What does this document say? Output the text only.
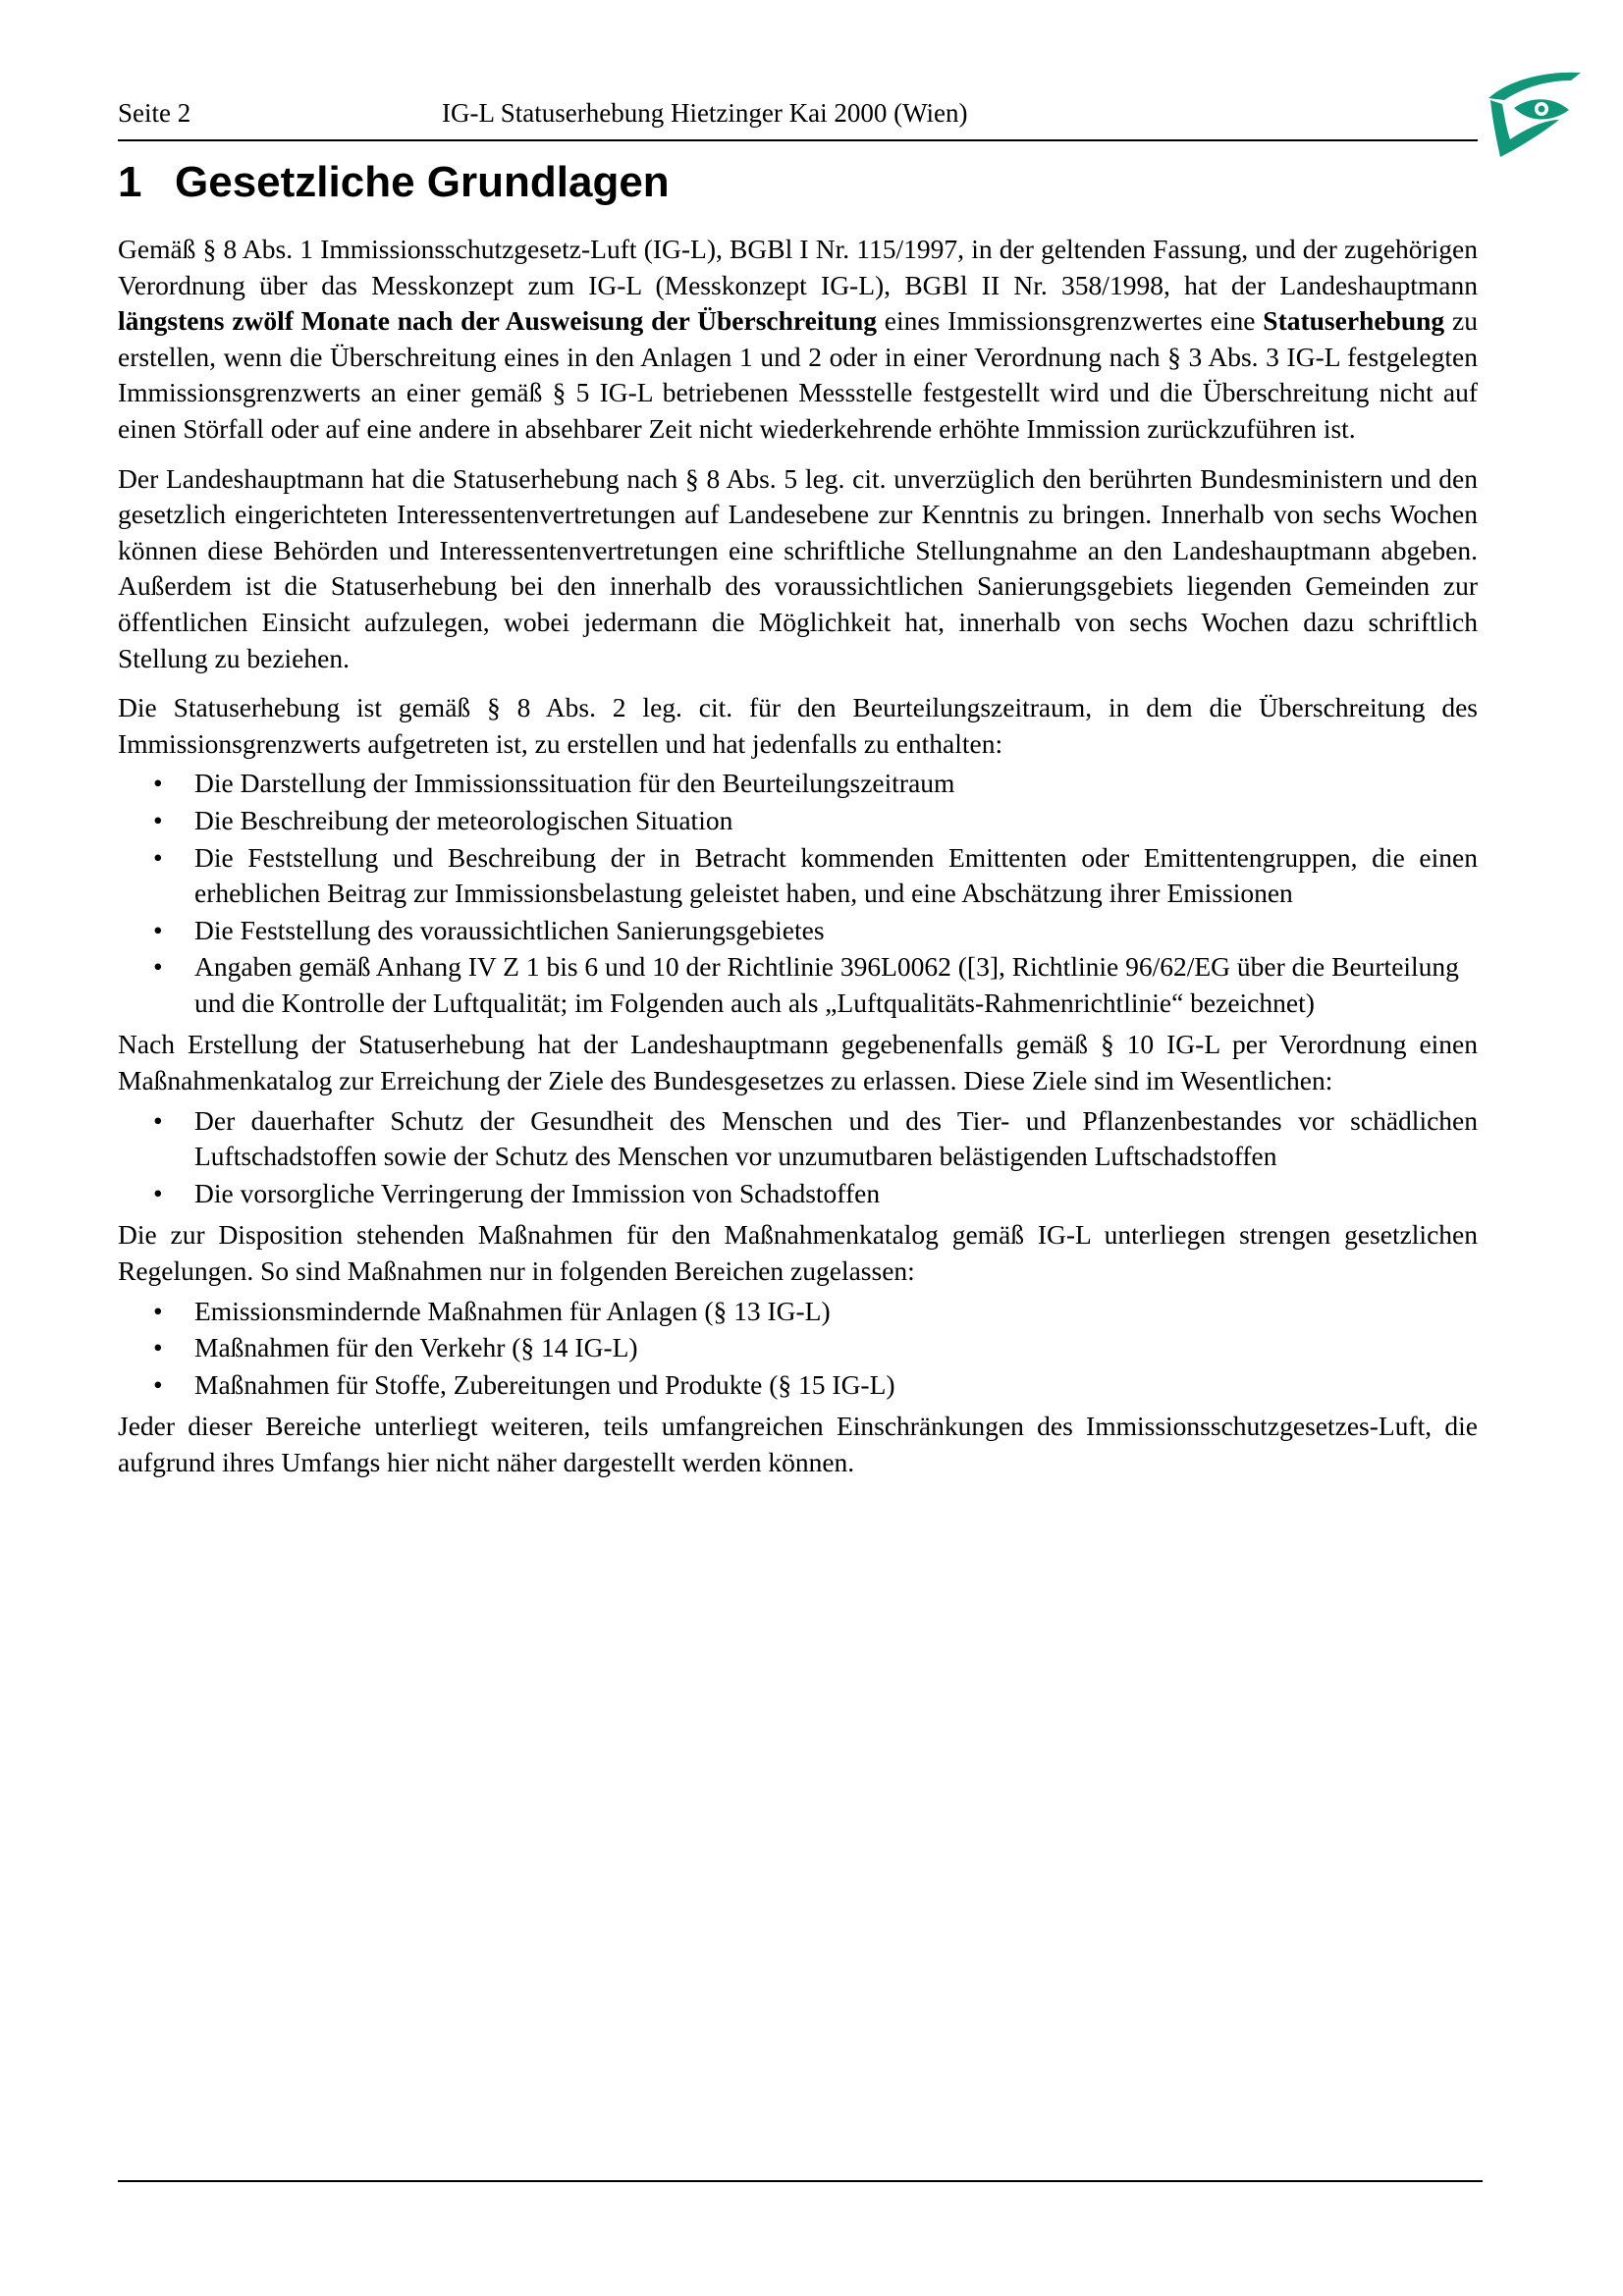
Seite 2	IG-L Statuserhebung Hietzinger Kai 2000 (Wien)
1 Gesetzliche Grundlagen

Gemäß § 8 Abs. 1 Immissionsschutzgesetz-Luft (IG-L), BGBl I Nr. 115/1997, in der geltenden Fassung, und der zugehörigen Verordnung über das Messkonzept zum IG-L (Messkonzept IG-L), BGBl II Nr. 358/1998, hat der Landeshauptmann längstens zwölf Monate nach der Ausweisung der Überschreitung eines Immissionsgrenzwertes eine Statuserhebung zu erstellen, wenn die Überschreitung eines in den Anlagen 1 und 2 oder in einer Verordnung nach § 3 Abs. 3 IG-L festgelegten Immissionsgrenzwerts an einer gemäß § 5 IG-L betriebenen Messstelle festgestellt wird und die Überschreitung nicht auf einen Störfall oder auf eine andere in absehbarer Zeit nicht wiederkehrende erhöhte Immission zurückzuführen ist.

Der Landeshauptmann hat die Statuserhebung nach § 8 Abs. 5 leg. cit. unverzüglich den berührten Bundesministern und den gesetzlich eingerichteten Interessentenvertretungen auf Landesebene zur Kenntnis zu bringen. Innerhalb von sechs Wochen können diese Behörden und Interessentenvertretungen eine schriftliche Stellungnahme an den Landeshauptmann abgeben. Außerdem ist die Statuserhebung bei den innerhalb des voraussichtlichen Sanierungsgebiets liegenden Gemeinden zur öffentlichen Einsicht aufzulegen, wobei jedermann die Möglichkeit hat, innerhalb von sechs Wochen dazu schriftlich Stellung zu beziehen.

Die Statuserhebung ist gemäß § 8 Abs. 2 leg. cit. für den Beurteilungszeitraum, in dem die Überschreitung des Immissionsgrenzwerts aufgetreten ist, zu erstellen und hat jedenfalls zu enthalten:

• Die Darstellung der Immissionssituation für den Beurteilungszeitraum
• Die Beschreibung der meteorologischen Situation
• Die Feststellung und Beschreibung der in Betracht kommenden Emittenten oder Emittentengruppen, die einen erheblichen Beitrag zur Immissionsbelastung geleistet haben, und eine Abschätzung ihrer Emissionen
• Die Feststellung des voraussichtlichen Sanierungsgebietes
• Angaben gemäß Anhang IV Z 1 bis 6 und 10 der Richtlinie 396L0062 ([3], Richtlinie 96/62/EG über die Beurteilung und die Kontrolle der Luftqualität; im Folgenden auch als „Luftqualitäts-Rahmenrichtlinie“ bezeichnet)

Nach Erstellung der Statuserhebung hat der Landeshauptmann gegebenenfalls gemäß § 10 IG-L per Verordnung einen Maßnahmenkatalog zur Erreichung der Ziele des Bundesgesetzes zu erlassen. Diese Ziele sind im Wesentlichen:

• Der dauerhafter Schutz der Gesundheit des Menschen und des Tier- und Pflanzenbestandes vor schädlichen Luftschadstoffen sowie der Schutz des Menschen vor unzumutbaren belästigenden Luftschadstoffen
• Die vorsorgliche Verringerung der Immission von Schadstoffen

Die zur Disposition stehenden Maßnahmen für den Maßnahmenkatalog gemäß IG-L unterliegen strengen gesetzlichen Regelungen. So sind Maßnahmen nur in folgenden Bereichen zugelassen:

• Emissionsmindernde Maßnahmen für Anlagen (§ 13 IG-L)
• Maßnahmen für den Verkehr (§ 14 IG-L)
• Maßnahmen für Stoffe, Zubereitungen und Produkte (§ 15 IG-L)

Jeder dieser Bereiche unterliegt weiteren, teils umfangreichen Einschränkungen des Immissionsschutzgesetzes-Luft, die aufgrund ihres Umfangs hier nicht näher dargestellt werden können.
